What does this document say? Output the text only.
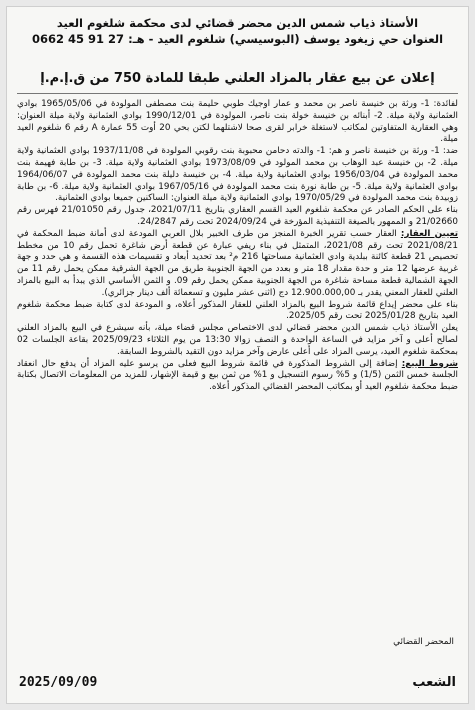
الأستاذ ذياب شمس الدين محضر قضائي لدى محكمة شلغوم العيد
العنوان حي زيغود يوسف (البوسيسي) شلغوم العيد - هـ: 27 91 45 0662
إعلان عن بيع عقار بالمزاد العلني طبقا للمادة 750 من ق.إ.م.إ

لفائدة: 1- ورثة بن خنيسة ناصر بن محمد و عمار أوجيك طوبي حليمة بنت مصطفى المولودة في 1965/05/06 بوادي العثمانية ولاية ميلة. 2- أبنائه بن خنيسة خولة بنت ناصر، المولودة في 1990/12/01 بوادي العثمانية ولاية ميلة العنوان: وهي العقارية المتفاوتين لمكاتب لاستغلة خرابر لقرى صحا لاشتلهما لكتن بحي 20 أوت 55 عمارة A رقم 6 شلغوم العيد ميلة.

ضد: 1- ورثة بن خنيسة ناصر و هم: 1- والدته دحامن محبوبة بنت رقوبي المولودة في 1937/11/08 بوادي العثمانية ولاية ميلة. 2- بن خنيسة عبد الوهاب بن محمد المولود في 1973/08/09 بوادي العثمانية ولاية ميلة. 3- بن طابة فهيمة بنت محمد المولودة في 1956/03/04 بوادي العثمانية ولاية ميلة. 4- بن خنيسة دليلة بنت محمد المولودة في 1964/06/07 بوادي العثمانية ولاية ميلة. 5- بن طابة نورة بنت محمد المولودة في 1967/05/16 بوادي العثمانية ولاية ميلة. 6- بن طابة زوبيدة بنت محمد المولودة في 1970/05/29 بوادي العثمانية ولاية ميلة العنوان: الساكنين جميعا بوادي العثمانية.

بناء على الحكم الصادر عن محكمة شلغوم العيد القسم العقاري بتاريخ 2021/07/11، جدول رقم 21/01050 فهرس رقم 21/02660 و الممهور بالصيغة التنفيذية المؤرخة في 2024/09/24 تحت رقم 24/2847.

تعيين العقار: العقار حسب تقرير الخبرة المنجز من طرف الخبير بلال العربي المودعة لدى أمانة ضبط المحكمة في 2021/08/21 تحت رقم 2021/08، المتمثل في بناء ريفي عبارة عن قطعة أرض شاغرة تحمل رقم 10 من مخطط تحصيص 21 قطعة كائنة ببلدية وادي العثمانية مساحتها 216 م² بعد تحديد أبعاد و تقسيمات هذه القسمة و هي حدد و جهة غربية عرضها 12 متر و حدة مقدار 18 متر و بعدد من الجهة الجنوبية طريق من الجهة الشرقية ممكن يحمل رقم 11 من الجهة الشمالية قطعة مساحة شاغرة من الجهة الجنوبية ممكن يحمل رقم 09. و الثمن الأساسي الذي يبدأ به البيع بالمزاد العلني للعقار المعني يقدر بـ 12.900.000,00 دج (اثنى عشر مليون و تسعمائة ألف دينار جزائري).

بناء على محضر إيداع قائمة شروط البيع بالمزاد العلني للعقار المذكور أعلاه، و المودعة لدى كتابة ضبط محكمة شلغوم العيد بتاريخ 2025/01/28 تحت رقم 2025/05.

يعلن الأستاذ ذياب شمس الدين محضر قضائي لدى الاختصاص مجلس قضاء ميلة، بأنه سيشرع في البيع بالمزاد العلني لصالح أعلى و آخر مزايد في الساعة الواحدة و النصف زوالا 13:30 من يوم الثلاثاء 2025/09/23 بقاعة الجلسات 02 بمحكمة شلغوم العيد، يرسى المزاد على أعلى عارض وآخر مزايد دون التقيد بالشروط السابقة.

شروط البيع: إضافة إلى الشروط المذكورة في قائمة شروط البيع فعلى من يرسو عليه المزاد أن يدفع حال انعقاد الجلسة خمس الثمن (1/5) و 5% رسوم التسجيل و 1% من ثمن بيع و قيمة الإشهار، للمزيد من المعلومات الاتصال بكتابة ضبط محكمة شلغوم العيد أو بمكاتب المحضر القضائي المذكور أعلاه.

المحضر القضائي
2025/09/09	الشعب
